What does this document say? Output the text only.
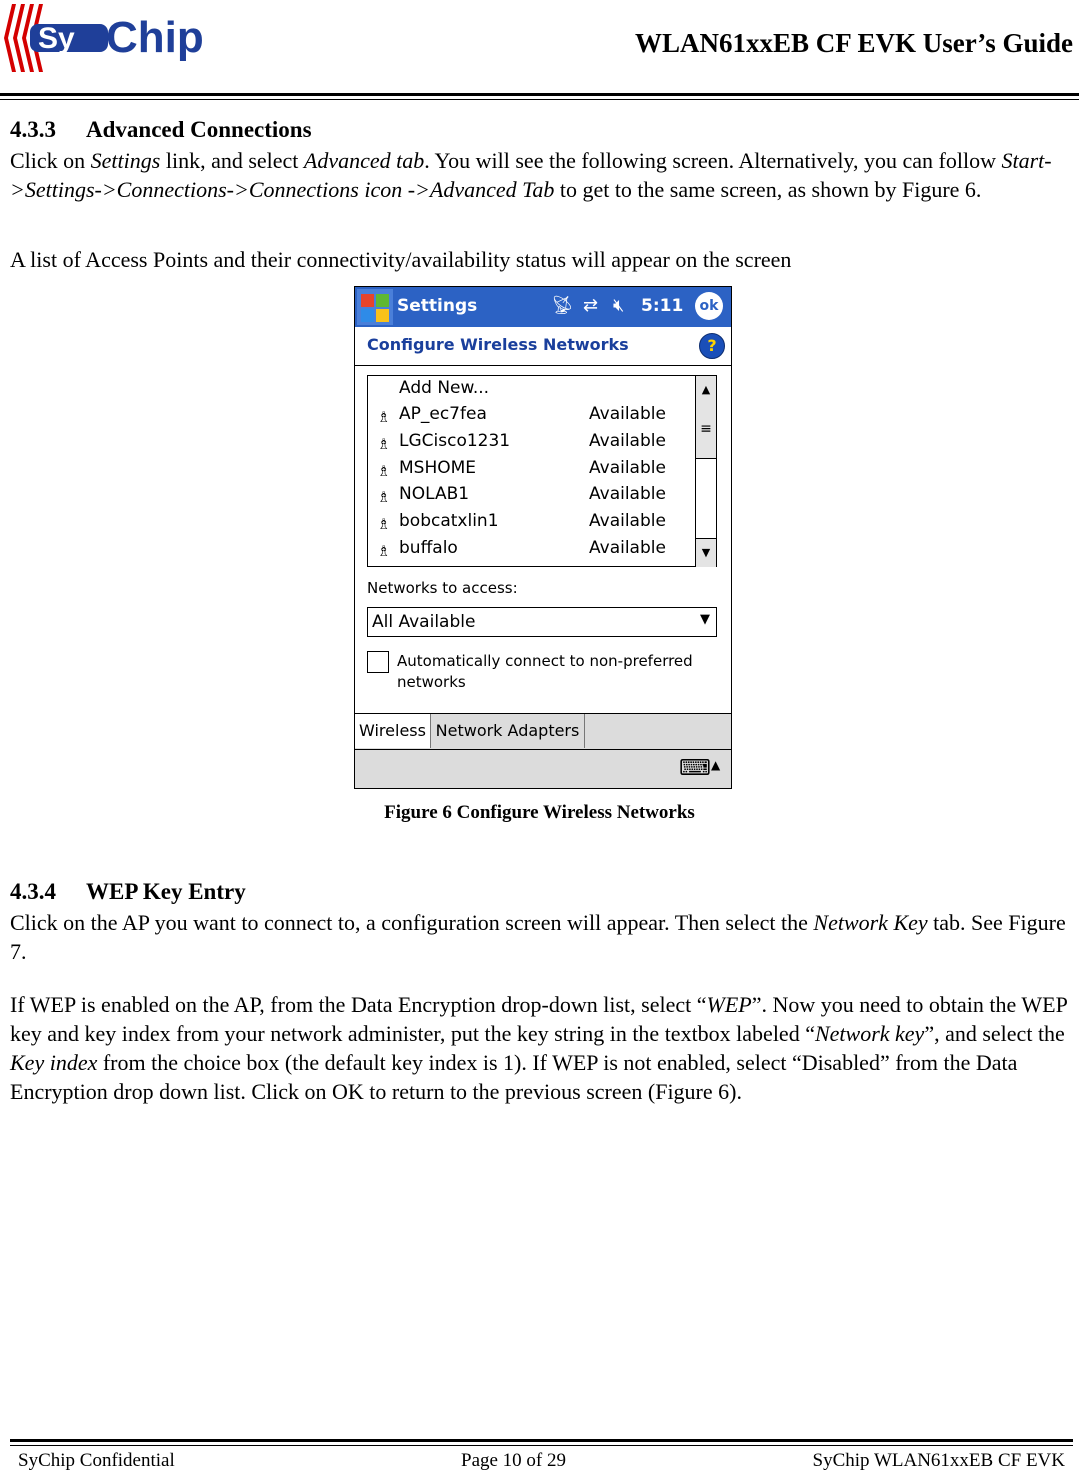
Sy Chip	WLAN61xxEB CF EVK User’s Guide
4.3.3 Advanced Connections
Click on Settings link, and select Advanced tab. You will see the following screen. Alternatively, you can follow Start->Settings->Connections->Connections icon ->Advanced Tab to get to the same screen, as shown by Figure 6.
A list of Access Points and their connectivity/availability status will appear on the screen
Settings	📡︎ ⇄ 🔇︎ 5:11	ok
Configure Wireless Networks	?
Add New...
♗ AP_ec7fea	Available
♗ LGCisco1231	Available
♗ MSHOME	Available
♗ NOLAB1	Available
♗ bobcatxlin1	Available
♗ buffalo	Available
▲
≡
▼
Networks to access:
All Available	▼
Automatically connect to non-preferred networks
Wireless Network Adapters
⌨ ▲
Figure 6 Configure Wireless Networks
4.3.4 WEP Key Entry
Click on the AP you want to connect to, a configuration screen will appear. Then select the Network Key tab. See Figure 7.
If WEP is enabled on the AP, from the Data Encryption drop-down list, select “WEP”. Now you need to obtain the WEP key and key index from your network administer, put the key string in the textbox labeled “Network key”, and select the Key index from the choice box (the default key index is 1). If WEP is not enabled, select “Disabled” from the Data Encryption drop down list. Click on OK to return to the previous screen (Figure 6).
SyChip Confidential	Page 10 of 29	SyChip WLAN61xxEB CF EVK
